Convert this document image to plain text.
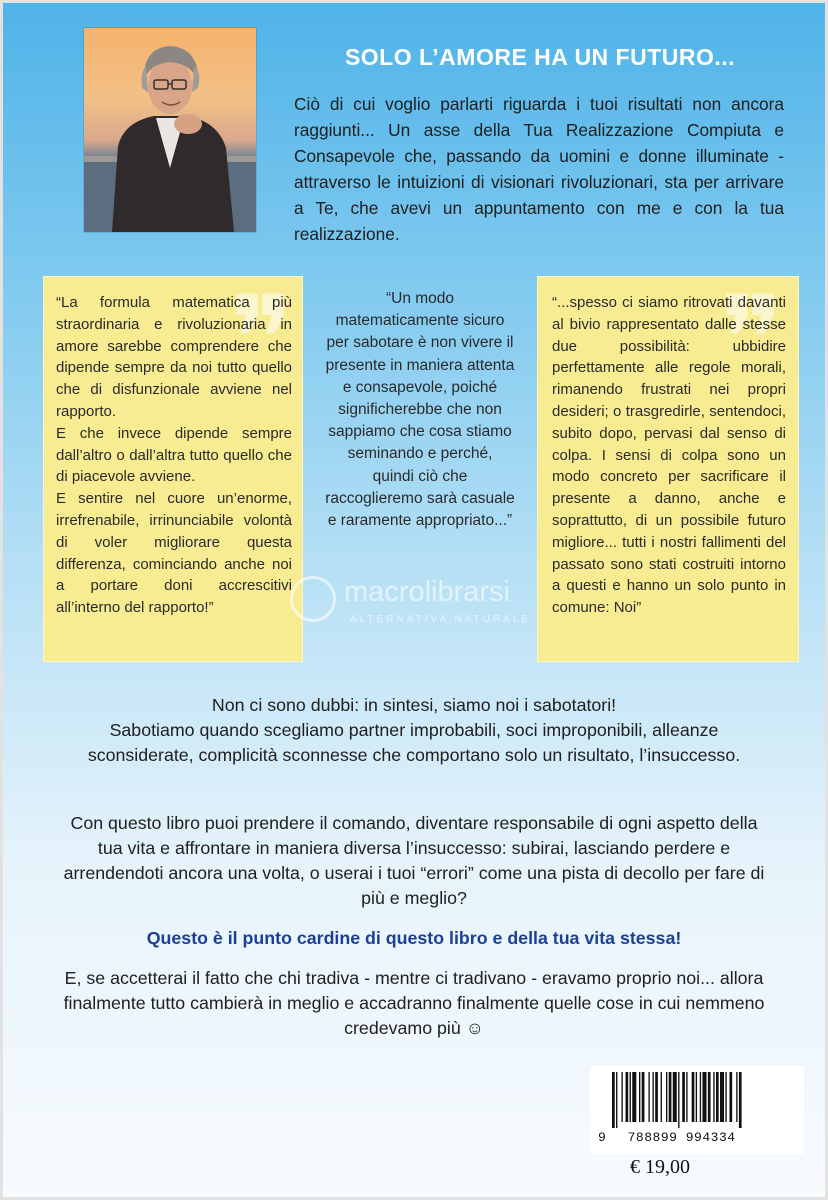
SOLO L’AMORE HA UN FUTURO...

Ciò di cui voglio parlarti riguarda i tuoi risultati non ancora raggiunti... Un asse della Tua Realizzazione Compiuta e Consapevole che, passando da uomini e donne illuminate - attraverso le intuizioni di visionari rivoluzionari, sta per arrivare a Te, che avevi un appuntamento con me e con la tua realizzazione.

❞

“La formula matematica più straordinaria e rivoluzionaria in amore sarebbe comprendere che dipende sempre da noi tutto quello che di disfunzionale avviene nel rapporto.
E che invece dipende sempre dall’altro o dall’altra tutto quello che di piacevole avviene.
E sentire nel cuore un’enorme, irrefrenabile, irrinunciabile volontà di voler migliorare questa differenza, cominciando anche noi a portare doni accrescitivi all’interno del rapporto!”

“Un modo matematicamente sicuro per sabotare è non vivere il presente in maniera attenta e consapevole, poiché significherebbe che non sappiamo che cosa stiamo seminando e perché, quindi ciò che raccoglieremo sarà casuale e raramente appropriato...”

❞

“...spesso ci siamo ritrovati davanti al bivio rappresentato dalle stesse due possibilità: ubbidire perfettamente alle regole morali, rimanendo frustrati nei propri desideri; o trasgredirle, sentendoci, subito dopo, pervasi dal senso di colpa. I sensi di colpa sono un modo concreto per sacrificare il presente a danno, anche e soprattutto, di un possibile futuro migliore... tutti i nostri fallimenti del passato sono stati costruiti intorno a questi e hanno un solo punto in comune: Noi”

macrolibrarsi
ALTERNATIVA NATURALE

Non ci sono dubbi: in sintesi, siamo noi i sabotatori!
Sabotiamo quando scegliamo partner improbabili, soci improponibili, alleanze sconsiderate, complicità sconnesse che comportano solo un risultato, l’insuccesso.

Con questo libro puoi prendere il comando, diventare responsabile di ogni aspetto della tua vita e affrontare in maniera diversa l’insuccesso: subirai, lasciando perdere e arrendendoti ancora una volta, o userai i tuoi “errori” come una pista di decollo per fare di più e meglio?

Questo è il punto cardine di questo libro e della tua vita stessa!

E, se accetterai il fatto che chi tradiva - mentre ci tradivano - eravamo proprio noi... allora finalmente tutto cambierà in meglio e accadranno finalmente quelle cose in cui nemmeno credevamo più ☺

9 788899 994334
€ 19,00
